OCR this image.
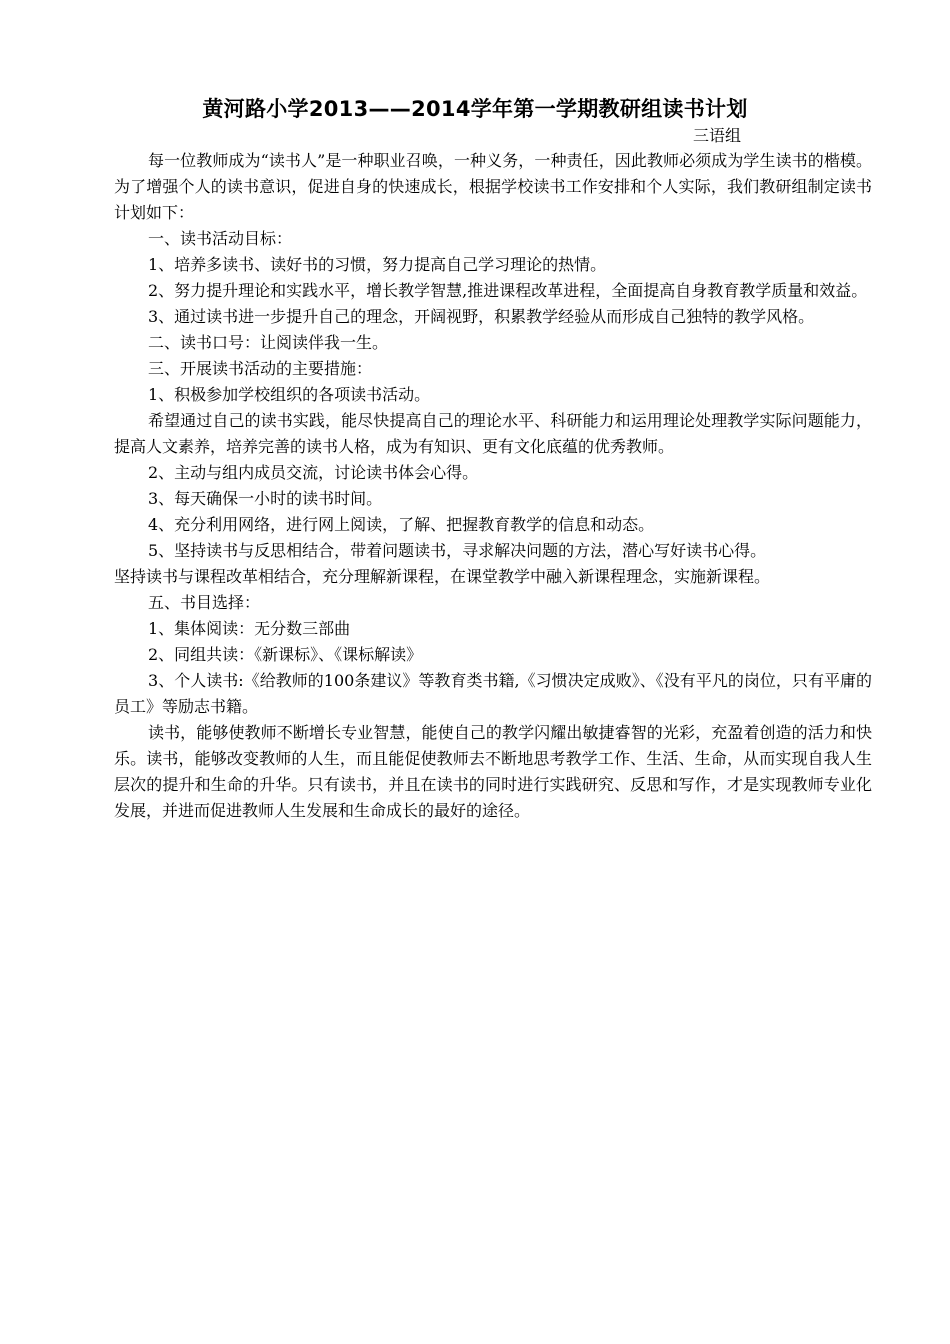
黄河路小学2013——2014学年第一学期教研组读书计划
三语组

每一位教师成为“读书人”是一种职业召唤，一种义务，一种责任，因此教师必须成为学生读书的楷模。为了增强个人的读书意识，促进自身的快速成长，根据学校读书工作安排和个人实际，我们教研组制定读书计划如下：

一、读书活动目标：

1、培养多读书、读好书的习惯，努力提高自己学习理论的热情。

2、努力提升理论和实践水平，增长教学智慧,推进课程改革进程，全面提高自身教育教学质量和效益。

3、通过读书进一步提升自己的理念，开阔视野，积累教学经验从而形成自己独特的教学风格。

二、读书口号：让阅读伴我一生。

三、开展读书活动的主要措施：

1、积极参加学校组织的各项读书活动。

希望通过自己的读书实践，能尽快提高自己的理论水平、科研能力和运用理论处理教学实际问题能力，提高人文素养，培养完善的读书人格，成为有知识、更有文化底蕴的优秀教师。

2、主动与组内成员交流，讨论读书体会心得。

3、每天确保一小时的读书时间。

4、充分利用网络，进行网上阅读，了解、把握教育教学的信息和动态。

5、坚持读书与反思相结合，带着问题读书，寻求解决问题的方法，潜心写好读书心得。

坚持读书与课程改革相结合，充分理解新课程，在课堂教学中融入新课程理念，实施新课程。

五、书目选择：

1、集体阅读：无分数三部曲

2、同组共读：《新课标》、《课标解读》

3、个人读书:《给教师的100条建议》等教育类书籍,《习惯决定成败》、《没有平凡的岗位，只有平庸的员工》等励志书籍。

读书，能够使教师不断增长专业智慧，能使自己的教学闪耀出敏捷睿智的光彩，充盈着创造的活力和快乐。读书，能够改变教师的人生，而且能促使教师去不断地思考教学工作、生活、生命，从而实现自我人生层次的提升和生命的升华。只有读书，并且在读书的同时进行实践研究、反思和写作，才是实现教师专业化发展，并进而促进教师人生发展和生命成长的最好的途径。
